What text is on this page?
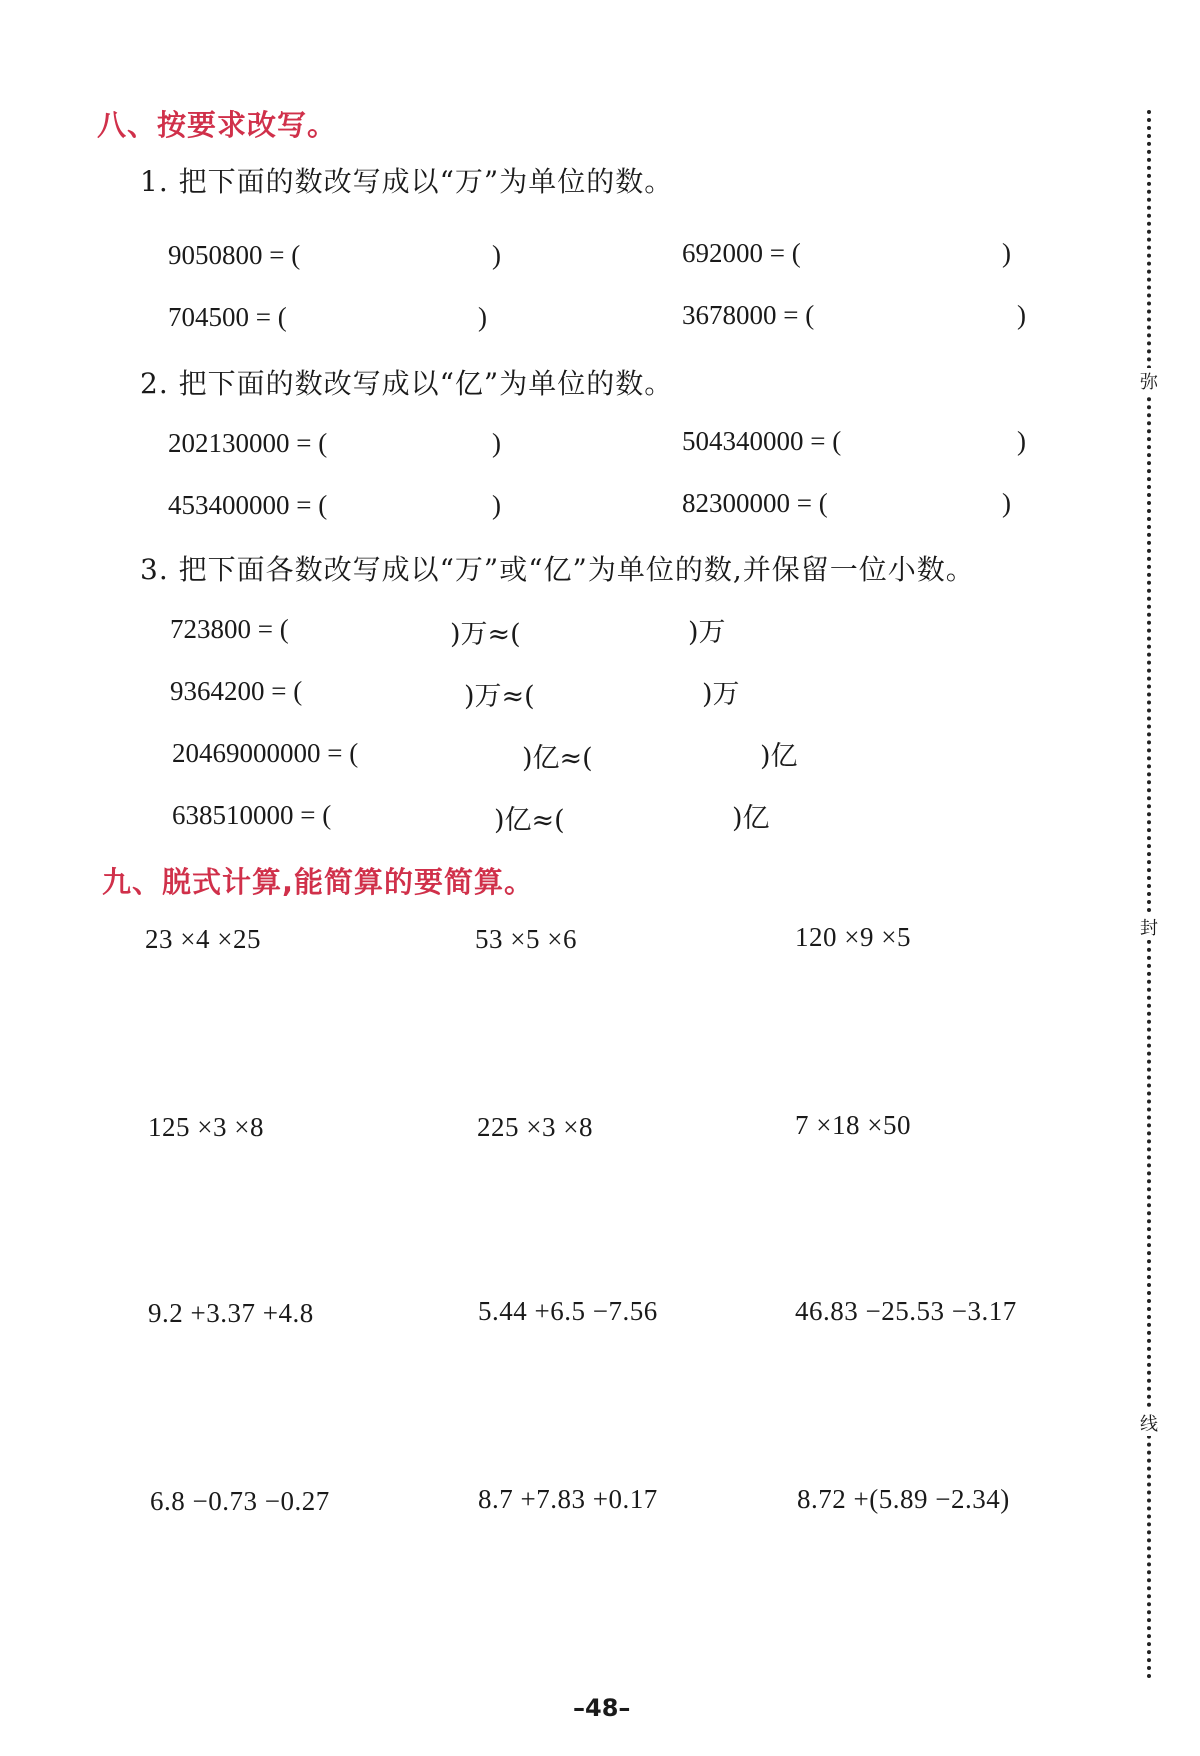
八、按要求改写。
1. 把下面的数改写成以“万”为单位的数。
9050800 = (	)	692000 = (	)
704500 = (	)	3678000 = (	)
2. 把下面的数改写成以“亿”为单位的数。
202130000 = (	)	504340000 = (	)
453400000 = (	)	82300000 = (	)
3. 把下面各数改写成以“万”或“亿”为单位的数,并保留一位小数。
723800 = (	)万≈(	)万
9364200 = (	)万≈(	)万
20469000000 = (	)亿≈(	)亿
638510000 = (	)亿≈(	)亿
九、脱式计算,能简算的要简算。
23 ×4 ×25	53 ×5 ×6	120 ×9 ×5
125 ×3 ×8	225 ×3 ×8	7 ×18 ×50
9.2 +3.37 +4.8	5.44 +6.5 −7.56	46.83 −25.53 −3.17
6.8 −0.73 −0.27	8.7 +7.83 +0.17	8.72 +(5.89 −2.34)
弥
封
线
–48–
